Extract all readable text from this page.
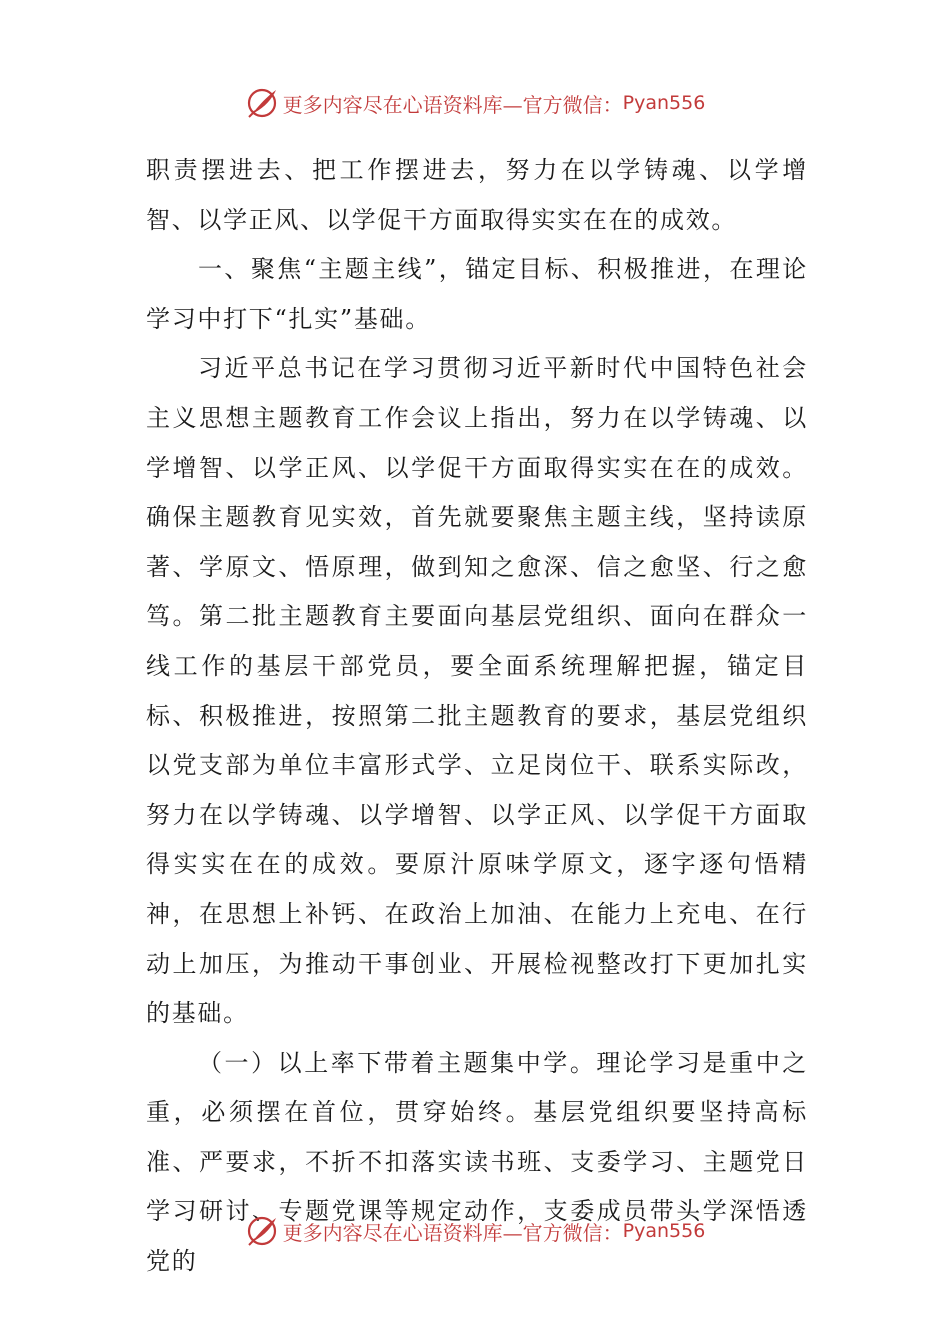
更多内容尽在心语资料库—官方微信： Pyan556

职责摆进去、把工作摆进去，努力在以学铸魂、以学增智、以学正风、以学促干方面取得实实在在的成效。

一、聚焦“主题主线”，锚定目标、积极推进，在理论学习中打下“扎实”基础。

习近平总书记在学习贯彻习近平新时代中国特色社会主义思想主题教育工作会议上指出，努力在以学铸魂、以学增智、以学正风、以学促干方面取得实实在在的成效。确保主题教育见实效，首先就要聚焦主题主线，坚持读原著、学原文、悟原理，做到知之愈深、信之愈坚、行之愈笃。第二批主题教育主要面向基层党组织、面向在群众一线工作的基层干部党员，要全面系统理解把握，锚定目标、积极推进，按照第二批主题教育的要求，基层党组织以党支部为单位丰富形式学、立足岗位干、联系实际改，努力在以学铸魂、以学增智、以学正风、以学促干方面取得实实在在的成效。要原汁原味学原文，逐字逐句悟精神，在思想上补钙、在政治上加油、在能力上充电、在行动上加压，为推动干事创业、开展检视整改打下更加扎实的基础。

（一）以上率下带着主题集中学。理论学习是重中之重，必须摆在首位，贯穿始终。基层党组织要坚持高标准、严要求，不折不扣落实读书班、支委学习、主题党日学习研讨、专题党课等规定动作，支委成员带头学深悟透党的

更多内容尽在心语资料库—官方微信： Pyan556
